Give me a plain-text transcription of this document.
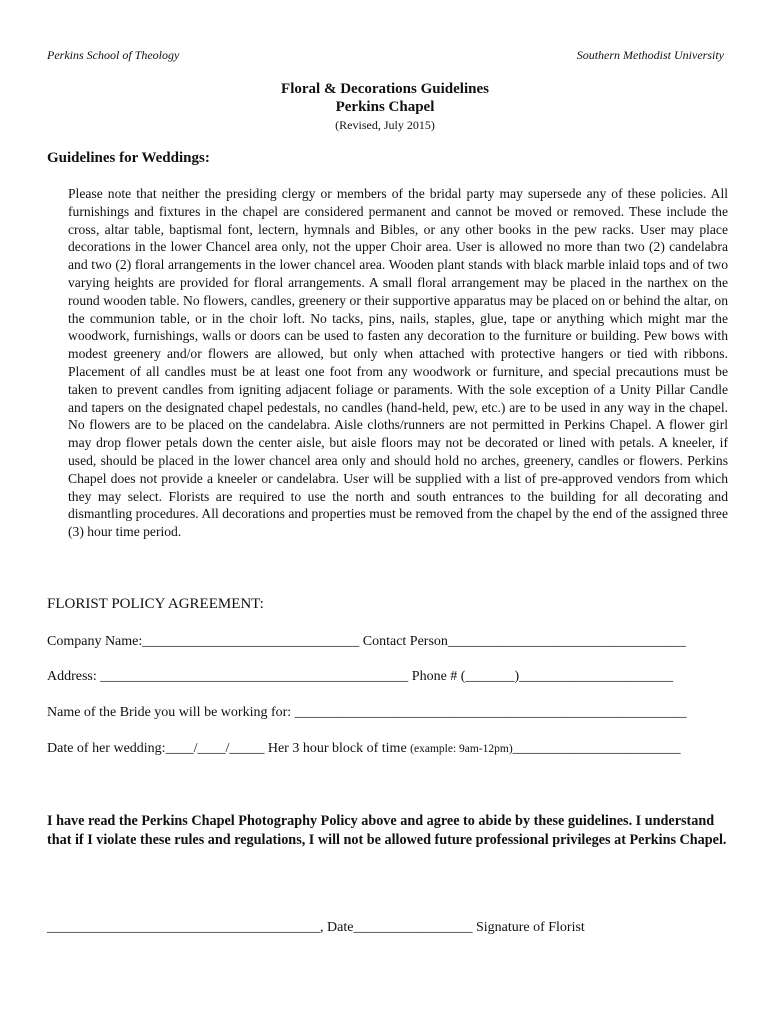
Perkins School of Theology	Southern Methodist University
Floral & Decorations Guidelines
Perkins Chapel
(Revised, July 2015)
Guidelines for Weddings:

Please note that neither the presiding clergy or members of the bridal party may supersede any of these policies. All furnishings and fixtures in the chapel are considered permanent and cannot be moved or removed. These include the cross, altar table, baptismal font, lectern, hymnals and Bibles, or any other books in the pew racks. User may place decorations in the lower Chancel area only, not the upper Choir area. User is allowed no more than two (2) candelabra and two (2) floral arrangements in the lower chancel area. Wooden plant stands with black marble inlaid tops and of two varying heights are provided for floral arrangements. A small floral arrangement may be placed in the narthex on the round wooden table. No flowers, candles, greenery or their supportive apparatus may be placed on or behind the altar, on the communion table, or in the choir loft. No tacks, pins, nails, staples, glue, tape or anything which might mar the woodwork, furnishings, walls or doors can be used to fasten any decoration to the furniture or building. Pew bows with modest greenery and/or flowers are allowed, but only when attached with protective hangers or tied with ribbons. Placement of all candles must be at least one foot from any woodwork or furniture, and special precautions must be taken to prevent candles from igniting adjacent foliage or paraments. With the sole exception of a Unity Pillar Candle and tapers on the designated chapel pedestals, no candles (hand-held, pew, etc.) are to be used in any way in the chapel. No flowers are to be placed on the candelabra. Aisle cloths/runners are not permitted in Perkins Chapel. A flower girl may drop flower petals down the center aisle, but aisle floors may not be decorated or lined with petals. A kneeler, if used, should be placed in the lower chancel area only and should hold no arches, greenery, candles or flowers. Perkins Chapel does not provide a kneeler or candelabra. User will be supplied with a list of pre-approved vendors from which they may select. Florists are required to use the north and south entrances to the building for all decorating and dismantling procedures. All decorations and properties must be removed from the chapel by the end of the assigned three (3) hour time period.

FLORIST POLICY AGREEMENT:
Company Name:_______________________________ Contact Person__________________________________
Address: ____________________________________________ Phone # (_______)______________________
Name of the Bride you will be working for: ________________________________________________________
Date of her wedding:____/____/_____ Her 3 hour block of time (example: 9am-12pm)________________________

I have read the Perkins Chapel Photography Policy above and agree to abide by these guidelines. I understand that if I violate these rules and regulations, I will not be allowed future professional privileges at Perkins Chapel.

_______________________________________, Date_________________ Signature of Florist
